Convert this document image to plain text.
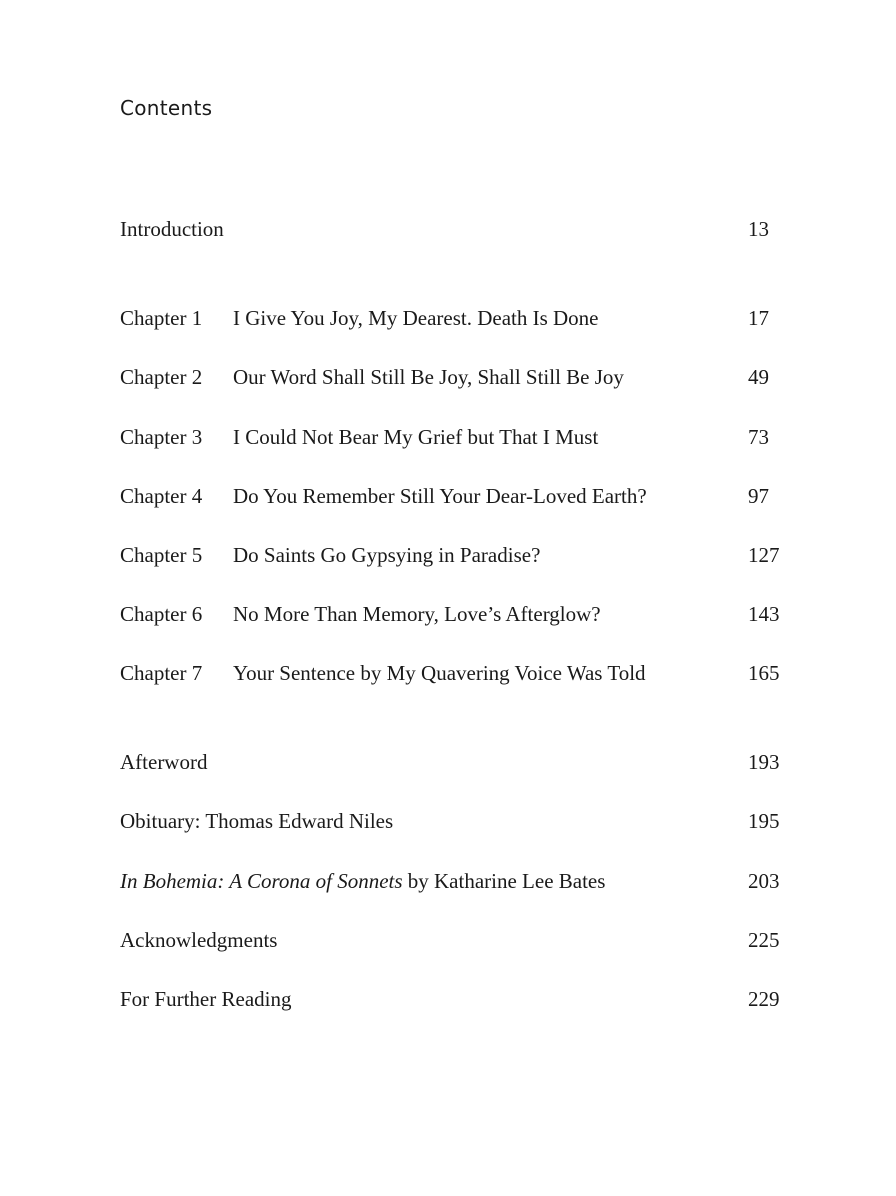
Contents
Introduction	13
Chapter 1 I Give You Joy, My Dearest. Death Is Done	17
Chapter 2 Our Word Shall Still Be Joy, Shall Still Be Joy	49
Chapter 3 I Could Not Bear My Grief but That I Must	73
Chapter 4 Do You Remember Still Your Dear-Loved Earth?	97
Chapter 5 Do Saints Go Gypsying in Paradise?	127
Chapter 6 No More Than Memory, Love’s Afterglow?	143
Chapter 7 Your Sentence by My Quavering Voice Was Told	165
Afterword	193
Obituary: Thomas Edward Niles	195
In Bohemia: A Corona of Sonnets by Katharine Lee Bates	203
Acknowledgments	225
For Further Reading	229
